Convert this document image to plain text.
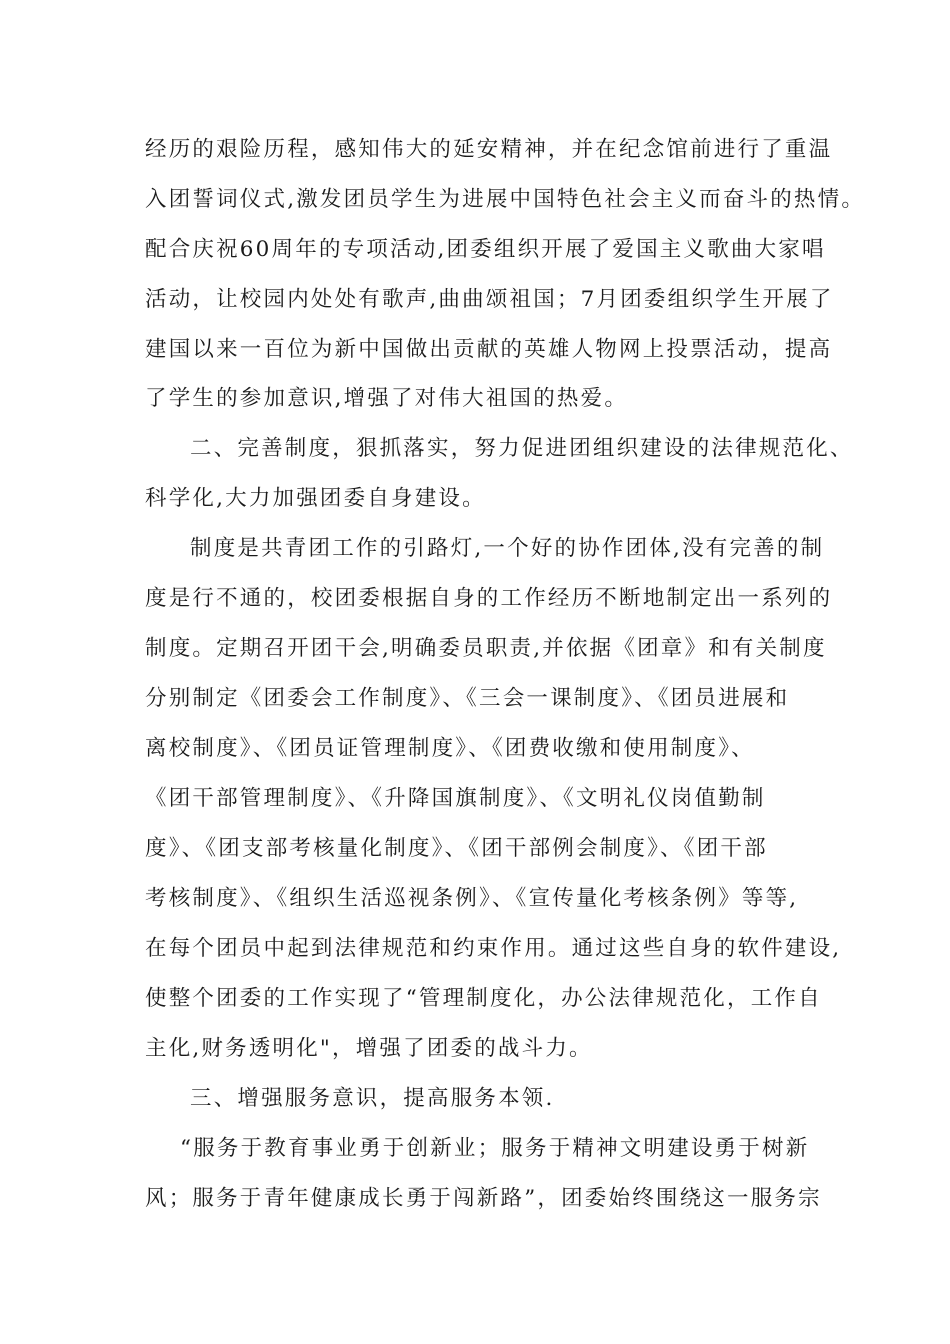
经历的艰险历程，感知伟大的延安精神，并在纪念馆前进行了重温

入团誓词仪式,激发团员学生为进展中国特色社会主义而奋斗的热情。

配合庆祝60周年的专项活动,团委组织开展了爱国主义歌曲大家唱

活动，让校园内处处有歌声,曲曲颂祖国；7月团委组织学生开展了

建国以来一百位为新中国做出贡献的英雄人物网上投票活动，提高

了学生的参加意识,增强了对伟大祖国的热爱。

二、完善制度，狠抓落实，努力促进团组织建设的法律规范化、

科学化,大力加强团委自身建设。

制度是共青团工作的引路灯,一个好的协作团体,没有完善的制

度是行不通的，校团委根据自身的工作经历不断地制定出一系列的

制度。定期召开团干会,明确委员职责,并依据《团章》和有关制度

分别制定《团委会工作制度》、《三会一课制度》、《团员进展和

离校制度》、《团员证管理制度》、《团费收缴和使用制度》、

《团干部管理制度》、《升降国旗制度》、《文明礼仪岗值勤制

度》、《团支部考核量化制度》、《团干部例会制度》、《团干部

考核制度》、《组织生活巡视条例》、《宣传量化考核条例》等等,

在每个团员中起到法律规范和约束作用。通过这些自身的软件建设,

使整个团委的工作实现了“管理制度化，办公法律规范化，工作自

主化,财务透明化"，增强了团委的战斗力。

三、增强服务意识，提高服务本领.

“服务于教育事业勇于创新业；服务于精神文明建设勇于树新

风；服务于青年健康成长勇于闯新路”，团委始终围绕这一服务宗
